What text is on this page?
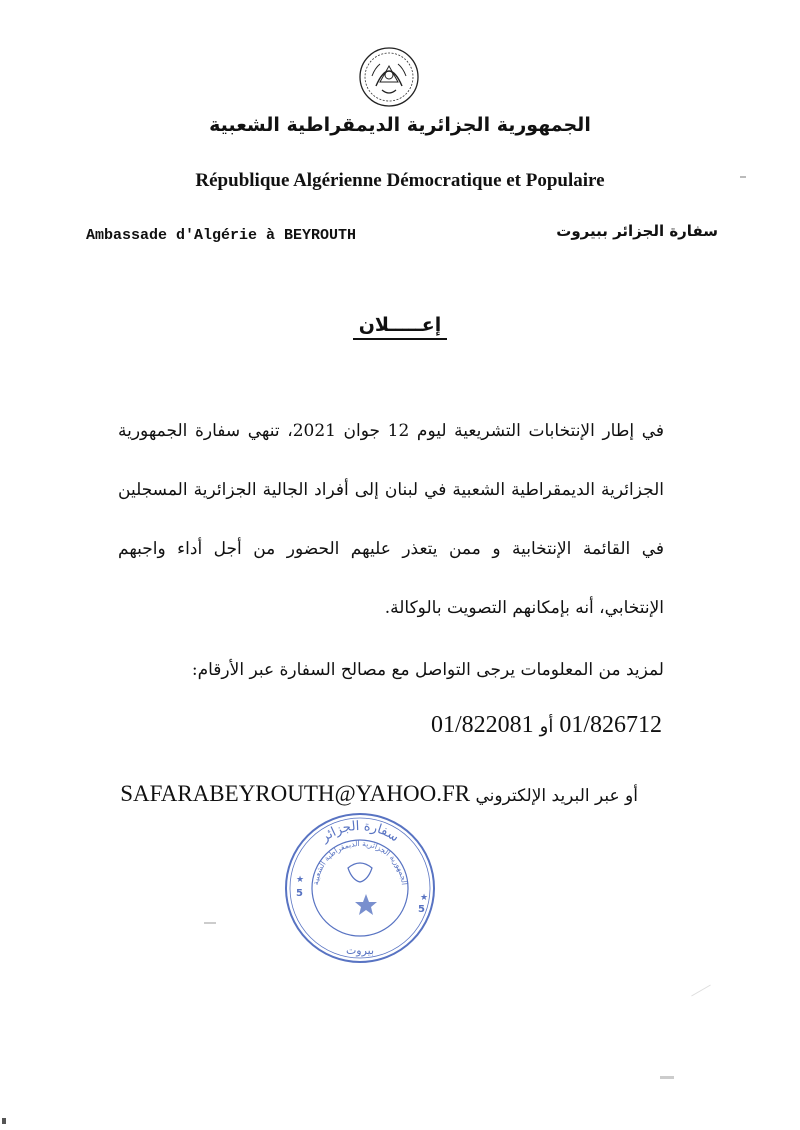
الجمهورية الجزائرية الديمقراطية الشعبية
République Algérienne Démocratique et Populaire
Ambassade d'Algérie à BEYROUTH	سفارة الجزائر ببيروت
إعـــــلان
في إطار الإنتخابات التشريعية ليوم 12 جوان 2021، تنهي سفارة الجمهورية الجزائرية الديمقراطية الشعبية في لبنان إلى أفراد الجالية الجزائرية المسجلين في القائمة الإنتخابية و ممن يتعذر عليهم الحضور من أجل أداء واجبهم الإنتخابي، أنه بإمكانهم التصويت بالوكالة.
لمزيد من المعلومات يرجى التواصل مع مصالح السفارة عبر الأرقام:
01/826712 أو 01/822081
أو عبر البريد الإلكتروني SAFARABEYROUTH@YAHOO.FR
سفارة الجزائر
الجمهورية الجزائرية الديمقراطية الشعبية
بيروت
5
5
★
★
